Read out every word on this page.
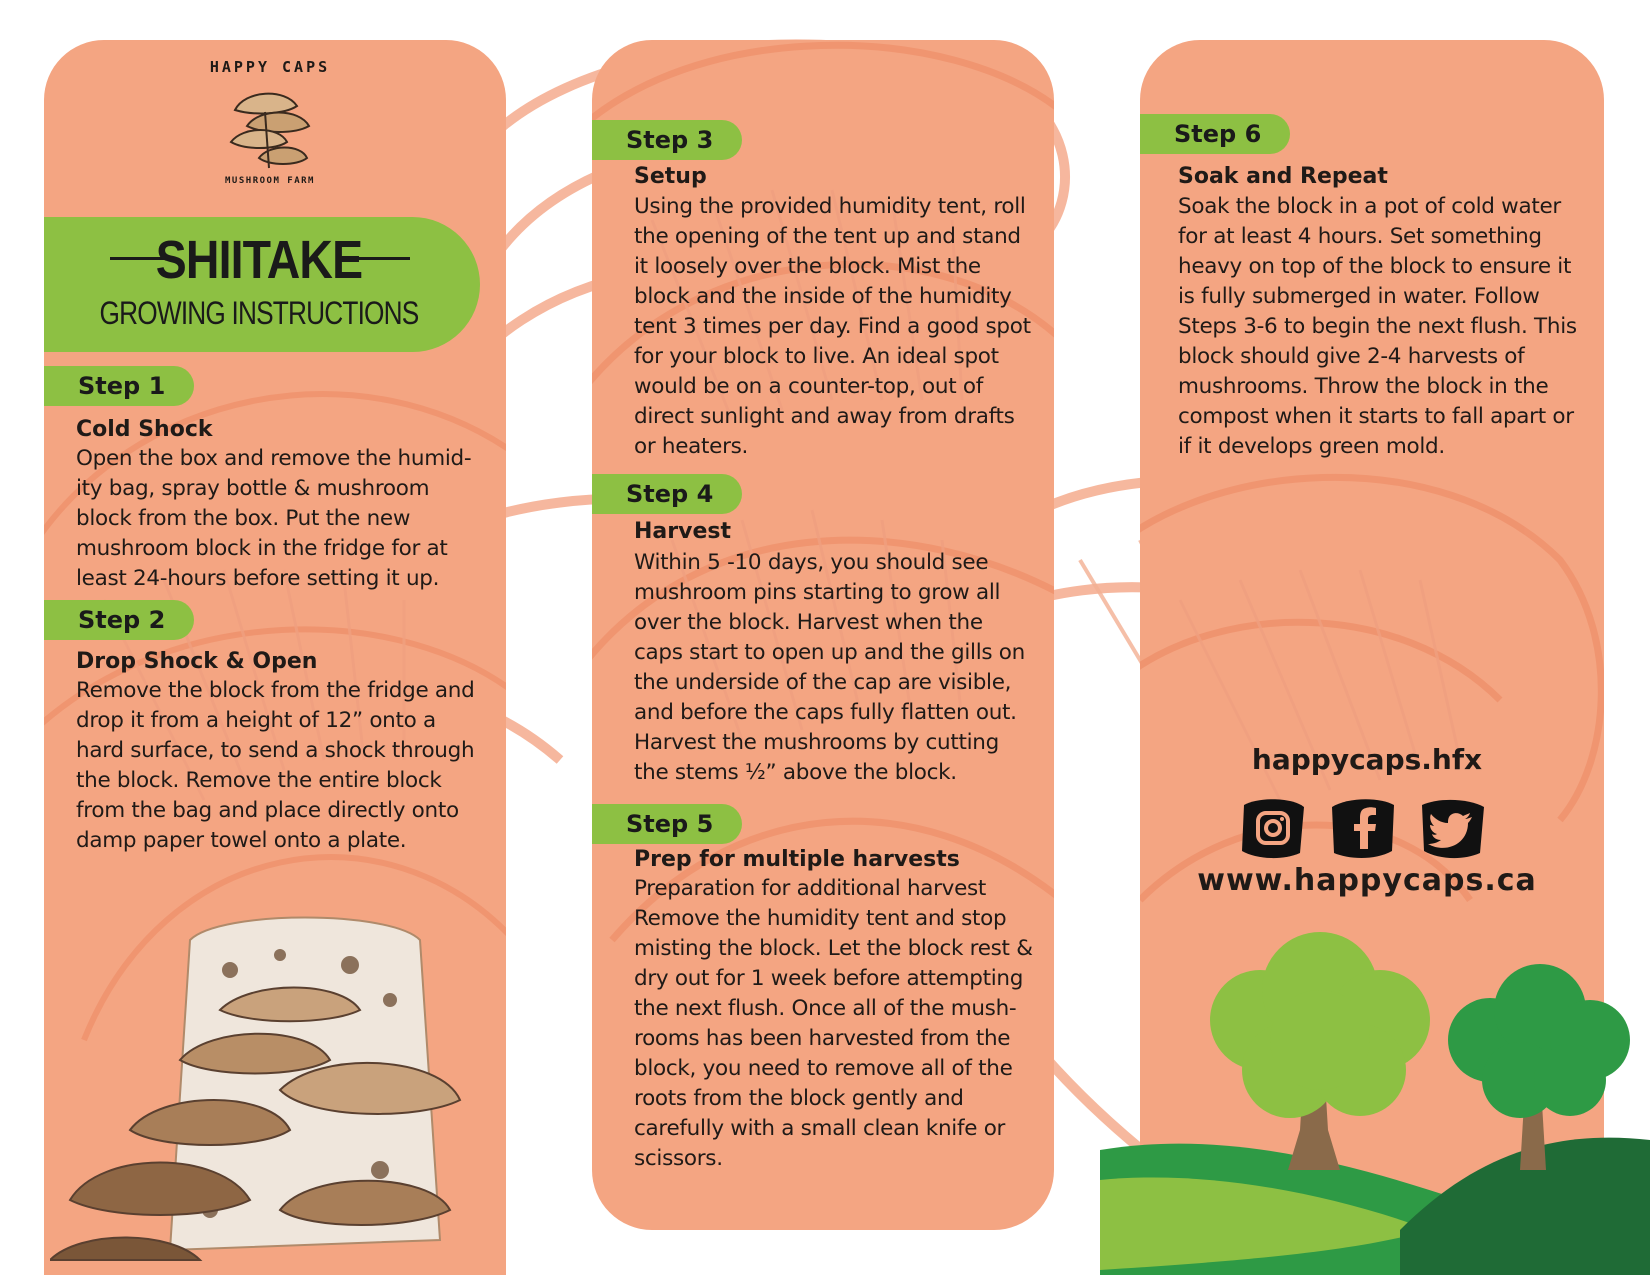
HAPPY CAPS
MUSHROOM FARM
SHIITAKE
GROWING INSTRUCTIONS
Step 1
Cold Shock
Open the box and remove the humid-
ity bag, spray bottle & mushroom
block from the box. Put the new
mushroom block in the fridge for at
least 24-hours before setting it up.
Step 2
Drop Shock & Open
Remove the block from the fridge and
drop it from a height of 12” onto a
hard surface, to send a shock through
the block. Remove the entire block
from the bag and place directly onto
damp paper towel onto a plate.
Step 3
Setup
Using the provided humidity tent, roll
the opening of the tent up and stand
it loosely over the block. Mist the
block and the inside of the humidity
tent 3 times per day. Find a good spot
for your block to live. An ideal spot
would be on a counter-top, out of
direct sunlight and away from drafts
or heaters.
Step 4
Harvest
Within 5 -10 days, you should see
mushroom pins starting to grow all
over the block. Harvest when the
caps start to open up and the gills on
the underside of the cap are visible,
and before the caps fully flatten out.
Harvest the mushrooms by cutting
the stems ½” above the block.
Step 5
Prep for multiple harvests
Preparation for additional harvest
Remove the humidity tent and stop
misting the block. Let the block rest &
dry out for 1 week before attempting
the next flush. Once all of the mush-
rooms has been harvested from the
block, you need to remove all of the
roots from the block gently and
carefully with a small clean knife or
scissors.
Step 6
Soak and Repeat
Soak the block in a pot of cold water
for at least 4 hours. Set something
heavy on top of the block to ensure it
is fully submerged in water. Follow
Steps 3-6 to begin the next flush. This
block should give 2-4 harvests of
mushrooms. Throw the block in the
compost when it starts to fall apart or
if it develops green mold.
happycaps.hfx
www.happycaps.ca
